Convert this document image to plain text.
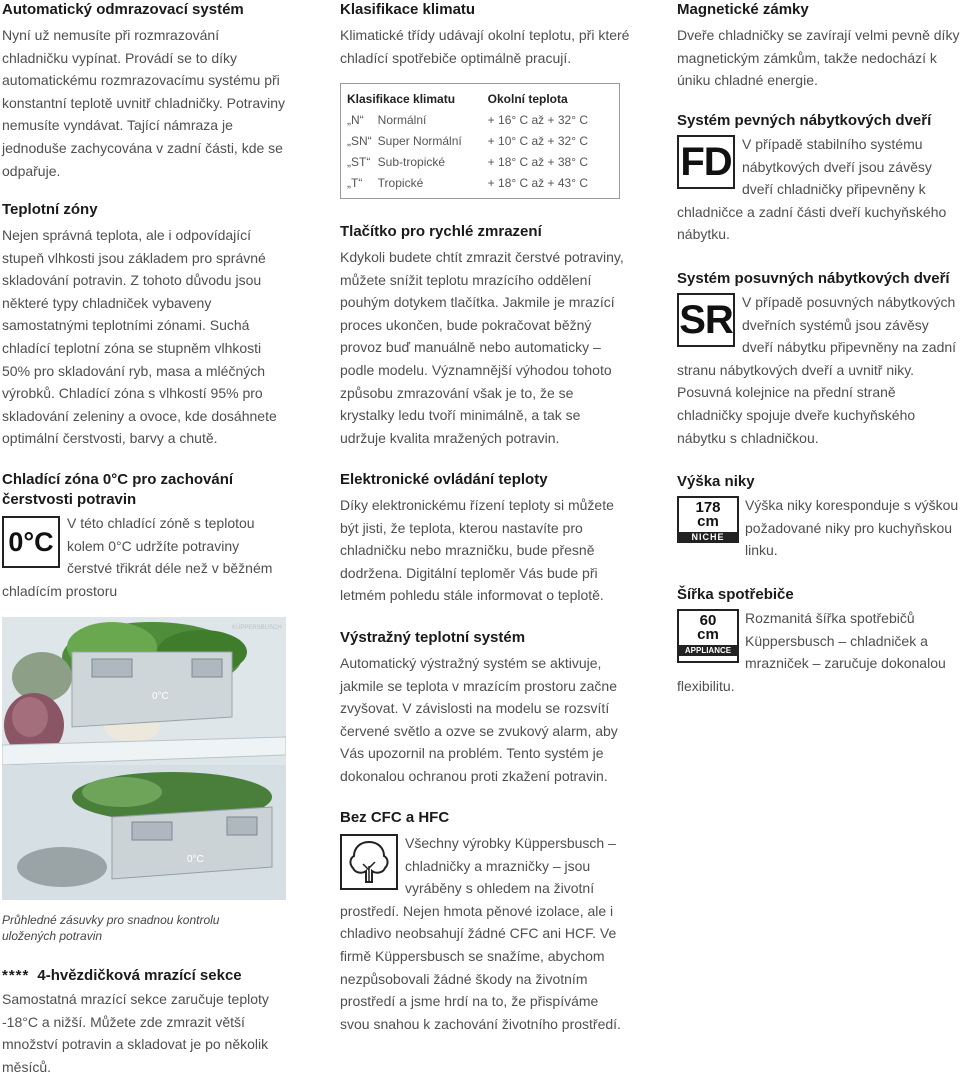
Automatický odmrazovací systém

Nyní už nemusíte při rozmrazování chladničku vypínat. Provádí se to díky automatickému rozmrazovacímu systému při konstantní teplotě uvnitř chladničky. Potraviny nemusíte vyndávat. Tající námraza je jednoduše zachycována v zadní části, kde se odpařuje.

Teplotní zóny

Nejen správná teplota, ale i odpovídající stupeň vlhkosti jsou základem pro správné skladování potravin. Z tohoto důvodu jsou některé typy chladniček vybaveny samostatnými teplotními zónami. Suchá chladící teplotní zóna se stupněm vlhkosti 50% pro skladování ryb, masa a mléčných výrobků. Chladící zóna s vlhkostí 95% pro skladování zeleniny a ovoce, kde dosáhnete optimální čerstvosti, barvy a chutě.

Chladící zóna 0°C pro zachování čerstvosti potravin
0°C

V této chladící zóně s teplotou kolem 0°C udržíte potraviny čerstvé třikrát déle než v běžném chladícím prostoru

0°C
0°C
KÜPPERSBUSCH
Průhledné zásuvky pro snadnou kontrolu uložených potravin
**** 4-hvězdičková mrazící sekce

Samostatná mrazící sekce zaručuje teploty -18°C a nižší. Můžete zde zmrazit větší množství potravin a skladovat je po několik měsíců.

Klasifikace klimatu

Klimatické třídy udávají okolní teplotu, při které chladící spotřebiče optimálně pracují.

Klasifikace klimatu		Okolní teplota
„N“	Normální	+ 16° C až + 32° C
„SN“	Super Normální	+ 10° C až + 32° C
„ST“	Sub-tropické	+ 18° C až + 38° C
„T“	Tropické	+ 18° C až + 43° C
Tlačítko pro rychlé zmrazení

Kdykoli budete chtít zmrazit čerstvé potraviny, můžete snížit teplotu mrazícího oddělení pouhým dotykem tlačítka. Jakmile je mrazící proces ukončen, bude pokračovat běžný provoz buď manuálně nebo automaticky – podle modelu. Významnější výhodou tohoto způsobu zmrazování však je to, že se krystalky ledu tvoří minimálně, a tak se udržuje kvalita mražených potravin.

Elektronické ovládání teploty

Díky elektronickému řízení teploty si můžete být jisti, že teplota, kterou nastavíte pro chladničku nebo mrazničku, bude přesně dodržena. Digitální teploměr Vás bude při letmém pohledu stále informovat o teplotě.

Výstražný teplotní systém

Automatický výstražný systém se aktivuje, jakmile se teplota v mrazícím prostoru začne zvyšovat. V závislosti na modelu se rozsvítí červené světlo a ozve se zvukový alarm, aby Vás upozornil na problém. Tento systém je dokonalou ochranou proti zkažení potravin.

Bez CFC a HFC

Všechny výrobky Küppersbusch – chladničky a mrazničky – jsou vyráběny s ohledem na životní prostředí. Nejen hmota pěnové izolace, ale i chladivo neobsahují žádné CFC ani HCF. Ve firmě Küppersbusch se snažíme, abychom nezpůsobovali žádné škody na životním prostředí a jsme hrdí na to, že přispíváme svou snahou k zachování životního prostředí.

Magnetické zámky

Dveře chladničky se zavírají velmi pevně díky magnetickým zámkům, takže nedochází k úniku chladné energie.

Systém pevných nábytkových dveří
FD V případě stabilního systému nábytkových dveří jsou závěsy dveří chladničky připevněny k chladničce a zadní části dveří kuchyňského nábytku.

Systém posuvných nábytkových dveří
SR V případě posuvných nábytkových dveřních systémů jsou závěsy dveří nábytku připevněny na zadní stranu nábytkových dveří a uvnitř niky. Posuvná kolejnice na přední straně chladničky spojuje dveře kuchyňského nábytku s chladničkou.

Výška niky
178
cm
NICHE

Výška niky koresponduje s výškou požadované niky pro kuchyňskou linku.

Šířka spotřebiče
60
cm
APPLIANCE

Rozmanitá šířka spotřebičů Küppersbusch – chladniček a mrazniček – zaručuje dokonalou flexibilitu.
